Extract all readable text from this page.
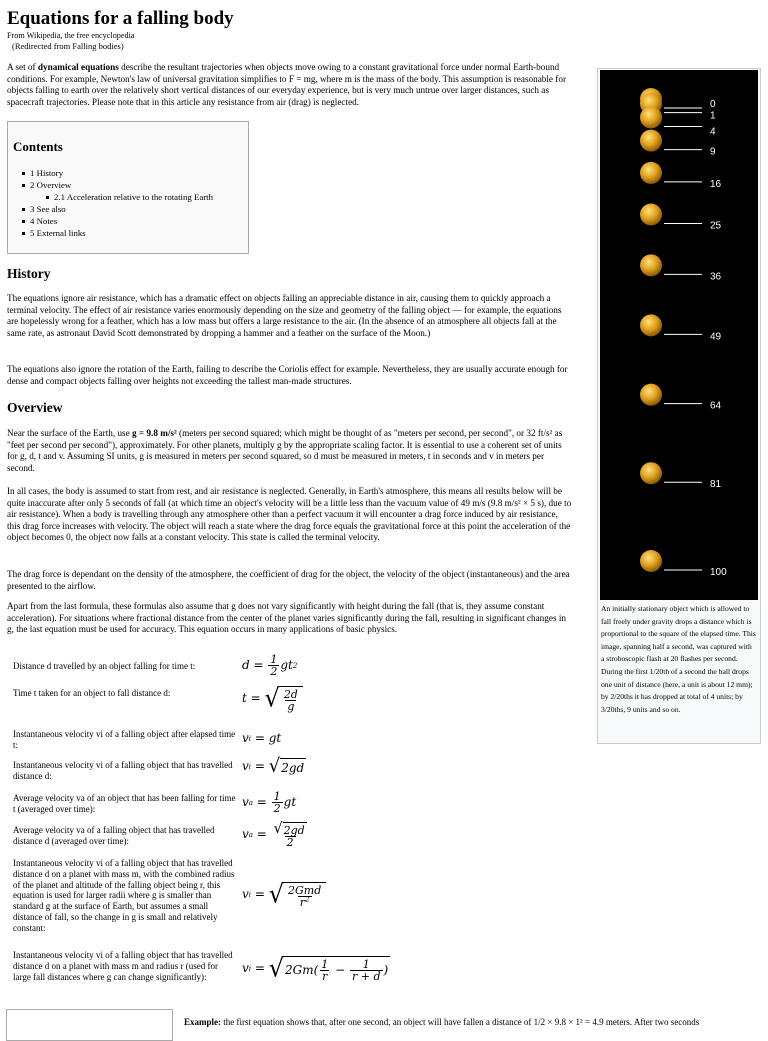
Equations for a falling body
From Wikipedia, the free encyclopedia
(Redirected from Falling bodies)

A set of dynamical equations describe the resultant trajectories when objects move owing to a constant gravitational force under normal Earth-bound conditions. For example, Newton's law of universal gravitation simplifies to F = mg, where m is the mass of the body. This assumption is reasonable for objects falling to earth over the relatively short vertical distances of our everyday experience, but is very much untrue over larger distances, such as spacecraft trajectories. Please note that in this article any resistance from air (drag) is neglected.

Contents
1 History
2 Overview
2.1 Acceleration relative to the rotating Earth
3 See also
4 Notes
5 External links
History

The equations ignore air resistance, which has a dramatic effect on objects falling an appreciable distance in air, causing them to quickly approach a terminal velocity. The effect of air resistance varies enormously depending on the size and geometry of the falling object — for example, the equations are hopelessly wrong for a feather, which has a low mass but offers a large resistance to the air. (In the absence of an atmosphere all objects fall at the same rate, as astronaut David Scott demonstrated by dropping a hammer and a feather on the surface of the Moon.)

The equations also ignore the rotation of the Earth, failing to describe the Coriolis effect for example. Nevertheless, they are usually accurate enough for dense and compact objects falling over heights not exceeding the tallest man-made structures.

Overview

Near the surface of the Earth, use g = 9.8 m/s² (meters per second squared; which might be thought of as "meters per second, per second", or 32 ft/s² as "feet per second per second"), approximately. For other planets, multiply g by the appropriate scaling factor. It is essential to use a coherent set of units for g, d, t and v. Assuming SI units, g is measured in meters per second squared, so d must be measured in meters, t in seconds and v in meters per second.

In all cases, the body is assumed to start from rest, and air resistance is neglected. Generally, in Earth's atmosphere, this means all results below will be quite inaccurate after only 5 seconds of fall (at which time an object's velocity will be a little less than the vacuum value of 49 m/s (9.8 m/s² × 5 s), due to air resistance). When a body is travelling through any atmosphere other than a perfect vacuum it will encounter a drag force induced by air resistance, this drag force increases with velocity. The object will reach a state where the drag force equals the gravitational force at this point the acceleration of the object becomes 0, the object now falls at a constant velocity. This state is called the terminal velocity.

The drag force is dependant on the density of the atmosphere, the coefficient of drag for the object, the velocity of the object (instantaneous) and the area presented to the airflow.

Apart from the last formula, these formulas also assume that g does not vary significantly with height during the fall (that is, they assume constant acceleration). For situations where fractional distance from the center of the planet varies significantly during the fall, resulting in significant changes in g, the last equation must be used for accuracy. This equation occurs in many applications of basic physics.

Distance d travelled by an object falling for time t:	$d = \frac{1}{2}$ gt 2
Time t taken for an object to fall distance d:	t = √ $\frac{2d}{g}$
Instantaneous velocity vi of a falling object after elapsed time t:	v i = gt
Instantaneous velocity vi of a falling object that has travelled distance d:
v i = √ 2gd
Average velocity va of an object that has been falling for time t (averaged over time):
v $a = \frac{1}{2}$ gt
Average velocity va of a falling object that has travelled distance d (averaged over time):	v $a = \frac{√ 2gd}{2}$
Instantaneous velocity vi of a falling object that has travelled distance d on a planet with mass m, with the combined radius of the planet and altitude of the falling object being r, this equation is used for larger radii where g is smaller than standard g at the surface of Earth, but assumes a small distance of fall, so the change in g is small and relatively constant:
v i = √ $\frac{\text{2Gmd}}{r^2}$
Instantaneous velocity vi of a falling object that has travelled distance d on a planet with mass m and radius r (used for large fall distances where g can change significantly):
v i = √ $2Gm( \frac{1}{r} - \frac{1}{r + d}$ )
0
1
4
9
16
25
36
49
64
81
100
An initially stationary object which is allowed to fall freely under gravity drops a distance which is proportional to the square of the elapsed time. This image, spanning half a second, was captured with a stroboscopic flash at 20 flashes per second. During the first 1/20th of a second the ball drops one unit of distance (here, a unit is about 12 mm); by 2/20ths it has dropped at total of 4 units; by 3/20ths, 9 units and so on.
Example: the first equation shows that, after one second, an object will have fallen a distance of 1/2 × 9.8 × 1² = 4.9 meters. After two seconds
